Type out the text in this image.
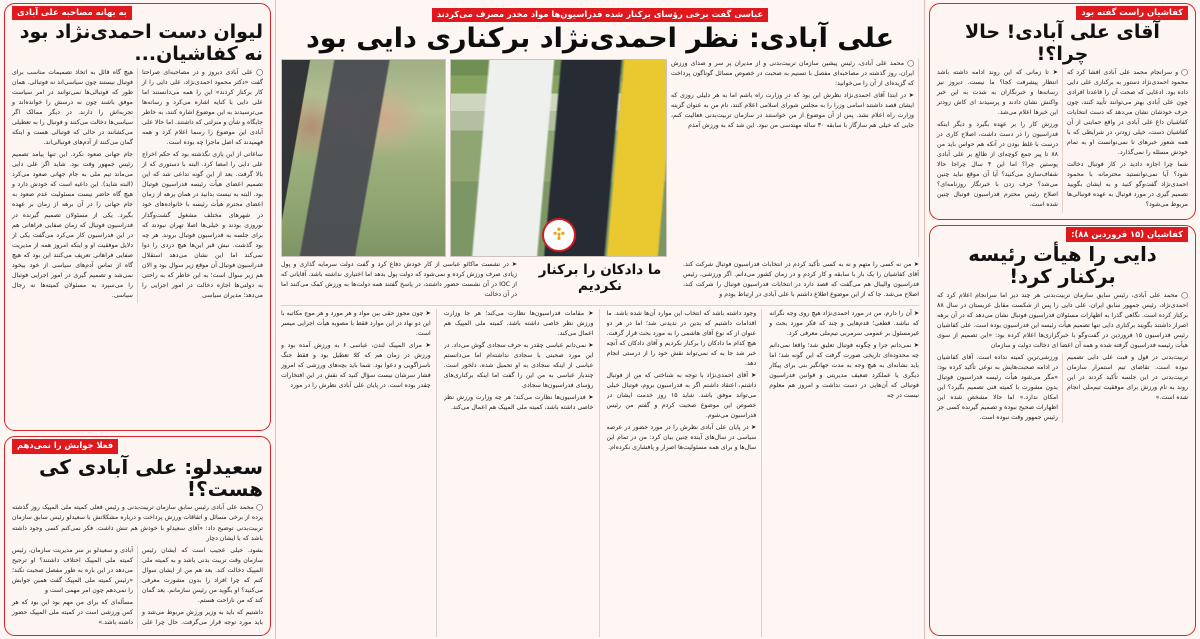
کفاشیان راست گفته بود
آقای علی آبادی! حالا چرا؟!

◯ و سرانجام محمد علی آبادی افشا کرد که محمود احمدی‌نژاد دستور به برکناری علی دایی داده بود. ادعایی که صحت آن را قاعدتا افرادی چون علی آبادی بهتر می‌توانند تأیید کنند، چون حرف خودشان نشان می‌دهد که دست انتخابات کفاشیان داغ علی آبادی در واقع حمایتی از آن کفاشیان دست، خیلی زودتر، در شرایطی که با همه شعور خبرهای تا نمی‌توانست او به تمام خودش مسئله را نمی‌گذارد.

شما چرا اجازه دادید در کار فوتبال دخالت شود؟ آیا نمی‌توانستید محترمانه با محمود احمدی‌نژاد گفت‌وگو کنید و به ایشان بگویید تصمیم گیری در مورد فوتبال به عهده فوتبالی‌ها مربوط می‌شود؟

➤ تا زمانی که این روند ادامه داشته باشد انتظار پیشرفت کجا؟ ما نیست. دیروز نیز رسانه‌ها و خبرنگاران به شدت به این خبر واکنش نشان دادند و پرسیدند ای کاش زودتر این خبرها اعلام می‌شد.

ورزش کار را بر عهده بگیرد و دیگر اینکه فدراسیون را در دست داشت، اصلاح کاری در درست با غلط بودن در آنکه هم حواس باید من ۸۸ تا پیر جمع کوچه‌ای از طالع بر علی آبادی پوستین چرا؟ اما این ۴ سال چراجا حالا شفاف‌سازی می‌کنید؟ آیا آن موقع نباید چنین می‌شد؟ حرف زدن با خبرنگار روزنامه‌ای؟ اصلاح رئیس محترم فدراسیون فوتبال چنین شده است.

کفاشیان (۱۵ فروردین ۸۸):
دایی را هیأت رئیسه برکنار کرد!
◯ محمد علی آبادی، رئیس سابق سازمان تربیت‌بدنی هر چند دیر اما سرانجام اعلام کرد که احمدی‌نژاد، رئیس جمهور سابق ایران، علی دایی را پس از شکست مقابل عربستان در سال ۸۸ برکنار کرده است. نگاهی گذرا به اظهارات مسئولان فدراسیون فوتبال نشان می‌دهد که در آن برهه اصرار داشتند بگویند برکناری دایی تنها تصمیم هیأت رئیسه این فدراسیون بوده است. علی کفاشیان رئیس فدراسیون ۱۵ فروردین در گفت‌وگو با خبرگزاری‌ها اعلام کرده بود: «این تصمیم از سوی هیأت رئیسه فدراسیون گرفته شده و همه آن اعضا ای دخالت دولت و سازمان

تربیت‌بدنی در قول و قبت علی دایی تصمیم نبوده است. تقاضای تیم استمرار سازمان تربیت‌بدنی در این جلسه تأکید کردند در این روند به نام ورزش برای موفقیت تیم‌ملی انجام شده است.»

ورزشی‌ترین کمیته نداده است. آقای کفاشیان در ادامه صحبت‌هایش به نوعی تأکید کرده بود: «مگر می‌شود هیأت رئیسه فدراسیون فوتبال بدون مشورت با کمیته فنی تصمیم بگیرد؟ این امکان ندارد.» اما حالا مشخص شده این اظهارات صحیح نبوده و تصمیم گیرنده کسی جز رئیس جمهور وقت نبوده است.

عباسی گفت برخی رؤسای برکنار شده فدراسیون‌ها مواد مخدر مصرف می‌کردند
علی آبادی: نظر احمدی‌نژاد برکناری دایی بود

◯ محمد علی آبادی، رئیس پیشین سازمان تربیت‌بدنی و از مدیران پر سر و صدای ورزش ایران، روز گذشته در مصاحبه‌ای مفصل با تسنیم به صحبت در خصوص مسائل گوناگون پرداخت که گزیده‌ای از آن را می‌خوانید:

➤ در ابتدا آقای احمدی‌نژاد نظرش این بود که در وزارت راه باشم اما به هر دلیلی روزی که ایشان قصد داشتند اسامی وزرا را به مجلس شورای اسلامی اعلام کنند، نام من به عنوان گزینه وزارت راه اعلام نشد. پس از آن موضوع از من خواستند در سازمان تربیت‌بدنی فعالیت کنم، جایی که خیلی هم سازگار با سابقه ۳۰ ساله مهندسی من نبود. این شد که به ورزش آمدم

➤ من نه کسی را متهم و نه به کسی تأکید کردم در انتخابات فدراسیون فوتبال شرکت کند. آقای کفاشیان را یک بار با سابقه و کار کردم و در زمان کشور می‌دانم. اگر ورزشی، رئیس فدراسیون والیبال هم می‌گفت که قصد دارد در انتخابات فدراسیون فوتبال را شرکت کند، اصلاح می‌شد. جا که از این موضوع اطلاع داشتم با علی آبادی در ارتباط بودم و

ما دادکان را برکنار نکردیم

➤ در نشست ماکائو عباسی از کار خودش دفاع کرد و گفت دولت سرمایه گذاری و پول زیادی صرف ورزش کرده و نمی‌شود که دولت پول بدهد اما اختیاری نداشته باشد. آقایانی که از IOC در آن نشست حضور داشتند، در پاسخ گفتند همه دولت‌ها به ورزش کمک می‌کنند اما در آن دخالت

➤ آن را دارم. من در مورد احمدی‌نژاد هیچ روی وجه نگرانه که نباشد. قطعی؛ قدم‌هایی و چند که فکر مورد بحث و غیرمسئول بر عمومی سرمربی تیم‌ملی معرفی کرد.

➤ نمی‌دانم جرا و چگونه فوتبال تعلیق شد؛ واقعا نمی‌دانم چه محدوده‌ای تاریخی صورت گرفت که این گونه شد؛ اما باید نشانه‌ای به هیچ وجه به مدت جهانگیر بنی برای پیکار دیگری یا عملکرد ضعیف مدیریتی و قوانین فدراسیون فوتبالی که آن‌هایی در دست نداشت و امروز هم معلوم نیست در چه

وجود داشته باشد که انتخاب این موارد آن‌ها شده باشد. ما اقدامات داشتیم که بدین در ندیدنی شد؛ اما در هر دو عنوان از که نوع آقای هاشمی را به مورد بحث قرار گرفت. هیچ کدام ما دادکان را برکنار نکردیم و آقای دادکان که آنچه خبر شد جا به که نمی‌تواند نقش خود را از درستی انجام دهد.

➤ آقای احمدی‌نژاد با توجه به شناختی که من از فوتبال داشتم، اعتقاد داشتم اگر به فدراسیون بروم، فوتبال خیلی می‌تواند موفق باشد. شاید ۱۵ روز خدمت ایشان در خصوص این موضوع صحبت کردم و گفتم من رئیس فدراسیون می‌شوم.

➤ در پایان علی آبادی نظرش را در مورد حضور در عرصه سیاسی در سال‌های آینده چنین بیان کرد: من در تمام این سال‌ها و برای همه مسئولیت‌ها اصرار و پافشاری نکرده‌ام.

➤ مقامات فدراسیون‌ها نظارت می‌کند؛ هر جا وزارت ورزش نظر خاصی داشته باشد، کمیته ملی المپیک هم اعمال می‌کند.

➤ نمی‌دانم عباسی چقدر به حرف سجادی گوش می‌داد. در این مورد صحبتی با سجادی نداشته‌ام اما می‌دانستم عباسی از اینکه سجادی به او تحمیل شده، دلخور است. چندبار عباسی به من این را گفت اما اینکه برکناری‌های رؤسای فدراسیون‌ها سجادی

➤ فدراسیون‌ها نظارت می‌کند؛ هر چه وزارت ورزش نظر خاصی داشته باشد، کمیته ملی المپیک هم اعمال می‌کند.

➤ چون مجوز حقی بین مواد و هر مورد و هر موج مکاتبه با این دو نهاد در این موارد فقط با مصوبه هیأت اجرایی میسر است.

➤ مرای المپیک لندن، عباسی ۶ به ورزش آمده بود و ورزش در زمان هم که کلا تعطیل بود و فقط جنگ ناسزاگویی و دعوا بود. شما باید بچه‌های ورزشی که امروز فشار سرشان نیست سؤال کنید که نقش در این افتخارات چقدر بوده است. در پایان علی آبادی نظرش را در مورد

به بهانه مصاحبه علی آبادی
لیوان دست احمدی‌نژاد بود نه کفاشیان...

◯ علی آبادی دیروز و در مصاحبه‌ای صراحتا گفت «دکتر محمود احمدی‌نژاد، علی دایی را از کار برکنار کردند» این را همه می‌دانستند اما علی دایی با کنایه اشاره می‌کرد و رسانه‌ها می‌ترسیدند به این موضوع اشاره کنند، به خاطر جایگاه و شأن و منزلتی که داشتند. اما حالا علی آبادی این موضوع را رسما اعلام کرد و همه فهمیدند که اصل ماجرا چه بوده است.

ساعاتی از این بازی نگذشته بود که حکم اخراج علی دایی را امضا کرد. البته با دستوری که از بالا گرفت. بعد از این گونه تداعی شد که این تصمیم اعضای هیأت رئیسه فدراسیون فوتبال بود. البته به نیست بدانید در همان برهه از زمان اعضای محترم هیأت رئیسه با خانواده‌های خود در شهرهای مختلف مشغول گشت‌وگذار نوروزی بودند و خیلی‌ها اصلا تهران نبودند که برای جلسه به فدراسیون فوتبال بروند. هر چه بود گذشت. نبش قبر این‌ها هیچ دردی را دوا نمی‌کند اما این نشان می‌دهد استقلال فدراسیون فوتبال آن موقع زیر سوال بود و الان هم زیر سوال است؛ به این خاطر که به راحتی به دولتی‌ها اجازه دخالت در امور اجرایی را می‌دهد؛ مدیران سیاسی

هیچ گاه قائل به اتخاذ تصمیمات مناسب برای فوتبال نیستند چون سیاسی‌اند نه فوتبالی. همان طور که فوتبالی‌ها نمی‌توانند در امر سیاست موفق باشند چون نه درسش را خوانده‌اند و تجربه‌اش را دارند. در دیگر ممالک اگر سیاسی‌ها دخالت می‌کنند و فوتبال را به تعطیلی می‌کشانند در حالی که فوتبالی هست و اینکه گمان می‌کنند از آدم‌های فوتبالی‌اند.

جام جهانی صعود نکرد. این تنها پیامد تصمیم رئیس جمهور وقت بود. شاید اگر علی دایی می‌ماند تیم ملی به جام جهانی صعود می‌کرد (البته شاید). این داعیه است که خودش دارد و هیچ گاه حاضر نیست مسئولیت عدم صعود به جام جهانی را در آن برهه از زمان بر عهده بگیرد. یکی از مسئولان تصمیم گیرنده در فدراسیون فوتبال که زمان صفایی فراهانی هم در این فدراسیون کار می‌کرد می‌گفت یکی از دلایل موفقیت او و اینکه امروز همه از مدیریت صفایی فراهانی تعریف می‌کنند این بود که هیچ گاه از تماس آدم‌های سیاسی از خود بیخود نمی‌شد و تصمیم گیری در امور اجرایی فوتبال را می‌سپرد به مسئولان کمیته‌ها نه رجال سیاسی.

فعلا جوابش را نمی‌دهم
سعیدلو: علی آبادی کی هست؟!
◯ محمد علی آبادی رئیس سابق سازمان تربیت‌بدنی و رئیس فعلی کمیته ملی المپیک روز گذشته پرده از برخی مسائل و اتفاقات ورزش پرداخت و درباره مشکلاتش با سعیدلو رئیس سابق سازمان تربیت‌بدنی توضیح داد: «آقای سعیدلو با خودش هم تنش داشت. فکر نمی‌کنم کسی وجود داشته باشد که با ایشان دچار

بشود. خیلی عجیب است که ایشان رئیس سازمان وقت تربیت بدنی باشد و به کمیته ملی المپیک دخالت کند. بعد هم من از ایشان سوال کنم که چرا افراد را بدون مشورت معرفی می‌کنید؟ او بگوید من رئیس سازمانم. بعد گمان کند که من ناراحت هستم.

داشتیم که باید به وزیر ورزش مربوط می‌شد و باید مورد توجه قرار می‌گرفت. حال چرا علی آبادی و سعیدلو بر سر مدیریت سازمان، رئیس کمیته ملی المپیک اختلاف داشتند؟ او ترجیح می‌دهد در این باره به طور مفصل صحبت نکند؛ «رئیس کمیته ملی المپیک گفت همین جوابش را نمی‌دهم چون امر مهمی است و

مسأله‌ای که برای من مهم بود این بود که هر کس ورزشی است در کمیته ملی المپیک حضور داشته باشد.»
